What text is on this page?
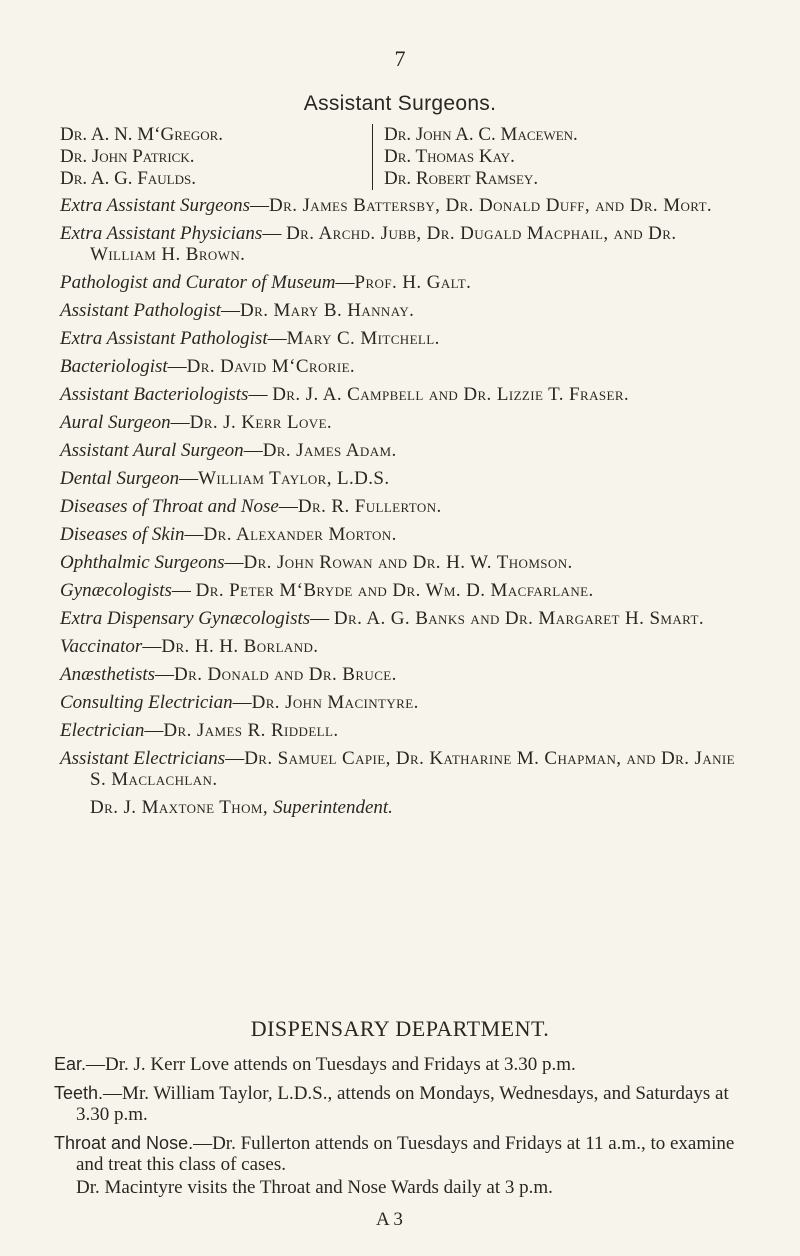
7
Assistant Surgeons.
Dr. A. N. M‘Gregor.
Dr. John Patrick.
Dr. A. G. Faulds.
Dr. John A. C. Macewen.
Dr. Thomas Kay.
Dr. Robert Ramsey.
Extra Assistant Surgeons—Dr. James Battersby, Dr. Donald Duff, and Dr. Mort.
Extra Assistant Physicians— Dr. Archd. Jubb, Dr. Dugald Macphail, and Dr. William H. Brown.
Pathologist and Curator of Museum—Prof. H. Galt.
Assistant Pathologist—Dr. Mary B. Hannay.
Extra Assistant Pathologist—Mary C. Mitchell.
Bacteriologist—Dr. David M‘Crorie.
Assistant Bacteriologists— Dr. J. A. Campbell and Dr. Lizzie T. Fraser.
Aural Surgeon—Dr. J. Kerr Love.
Assistant Aural Surgeon—Dr. James Adam.
Dental Surgeon—William Taylor, L.D.S.
Diseases of Throat and Nose—Dr. R. Fullerton.
Diseases of Skin—Dr. Alexander Morton.
Ophthalmic Surgeons—Dr. John Rowan and Dr. H. W. Thomson.
Gynæcologists— Dr. Peter M‘Bryde and Dr. Wm. D. Macfarlane.
Extra Dispensary Gynæcologists— Dr. A. G. Banks and Dr. Margaret H. Smart.
Vaccinator—Dr. H. H. Borland.
Anæsthetists—Dr. Donald and Dr. Bruce.
Consulting Electrician—Dr. John Macintyre.
Electrician—Dr. James R. Riddell.
Assistant Electricians—Dr. Samuel Capie, Dr. Katharine M. Chapman, and Dr. Janie S. Maclachlan.
Dr. J. Maxtone Thom, Superintendent.
DISPENSARY DEPARTMENT.
Ear.—Dr. J. Kerr Love attends on Tuesdays and Fridays at 3.30 p.m.
Teeth.—Mr. William Taylor, L.D.S., attends on Mondays, Wednesdays, and Saturdays at 3.30 p.m.
Throat and Nose.—Dr. Fullerton attends on Tuesdays and Fridays at 11 a.m., to examine and treat this class of cases.
Dr. Macintyre visits the Throat and Nose Wards daily at 3 p.m.
A 3
